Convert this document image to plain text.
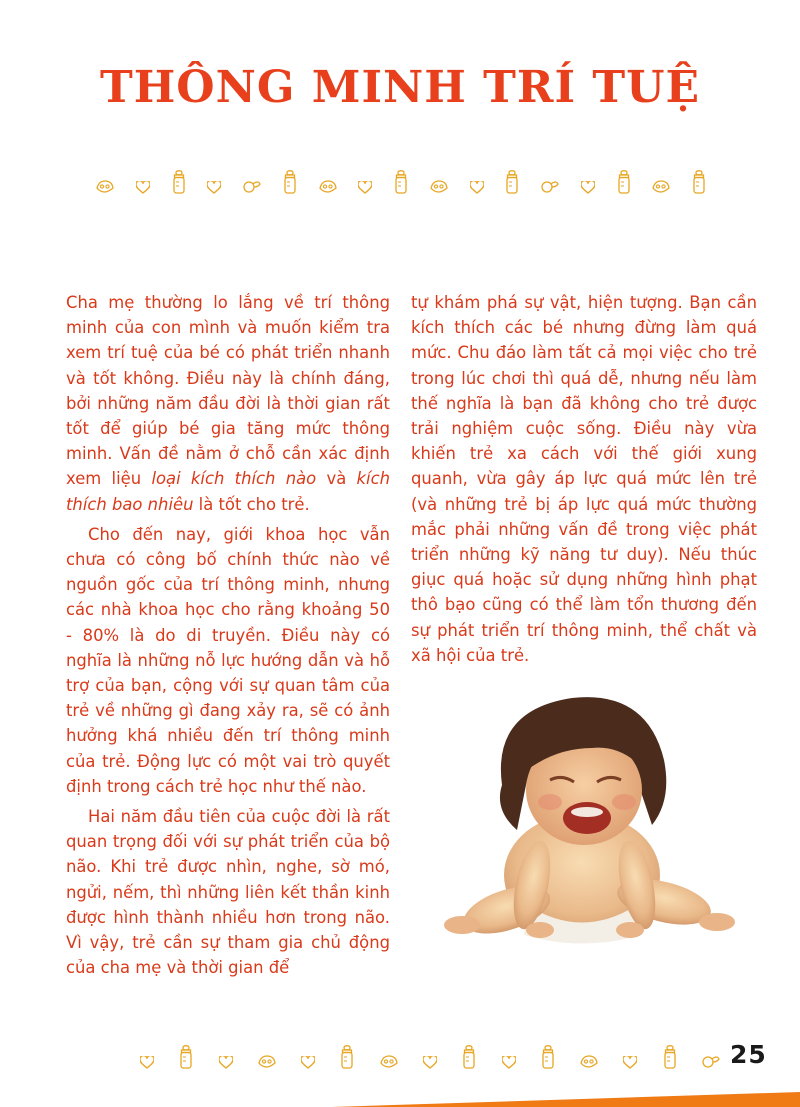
THÔNG MINH TRÍ TUỆ

Cha mẹ thường lo lắng về trí thông minh của con mình và muốn kiểm tra xem trí tuệ của bé có phát triển nhanh và tốt không. Điều này là chính đáng, bởi những năm đầu đời là thời gian rất tốt để giúp bé gia tăng mức thông minh. Vấn đề nằm ở chỗ cần xác định xem liệu loại kích thích nào và kích thích bao nhiêu là tốt cho trẻ.

Cho đến nay, giới khoa học vẫn chưa có công bố chính thức nào về nguồn gốc của trí thông minh, nhưng các nhà khoa học cho rằng khoảng 50 - 80% là do di truyền. Điều này có nghĩa là những nỗ lực hướng dẫn và hỗ trợ của bạn, cộng với sự quan tâm của trẻ về những gì đang xảy ra, sẽ có ảnh hưởng khá nhiều đến trí thông minh của trẻ. Động lực có một vai trò quyết định trong cách trẻ học như thế nào.

Hai năm đầu tiên của cuộc đời là rất quan trọng đối với sự phát triển của bộ não. Khi trẻ được nhìn, nghe, sờ mó, ngửi, nếm, thì những liên kết thần kinh được hình thành nhiều hơn trong não. Vì vậy, trẻ cần sự tham gia chủ động của cha mẹ và thời gian để

tự khám phá sự vật, hiện tượng. Bạn cần kích thích các bé nhưng đừng làm quá mức. Chu đáo làm tất cả mọi việc cho trẻ trong lúc chơi thì quá dễ, nhưng nếu làm thế nghĩa là bạn đã không cho trẻ được trải nghiệm cuộc sống. Điều này vừa khiến trẻ xa cách với thế giới xung quanh, vừa gây áp lực quá mức lên trẻ (và những trẻ bị áp lực quá mức thường mắc phải những vấn đề trong việc phát triển những kỹ năng tư duy). Nếu thúc giục quá hoặc sử dụng những hình phạt thô bạo cũng có thể làm tổn thương đến sự phát triển trí thông minh, thể chất và xã hội của trẻ.

25
